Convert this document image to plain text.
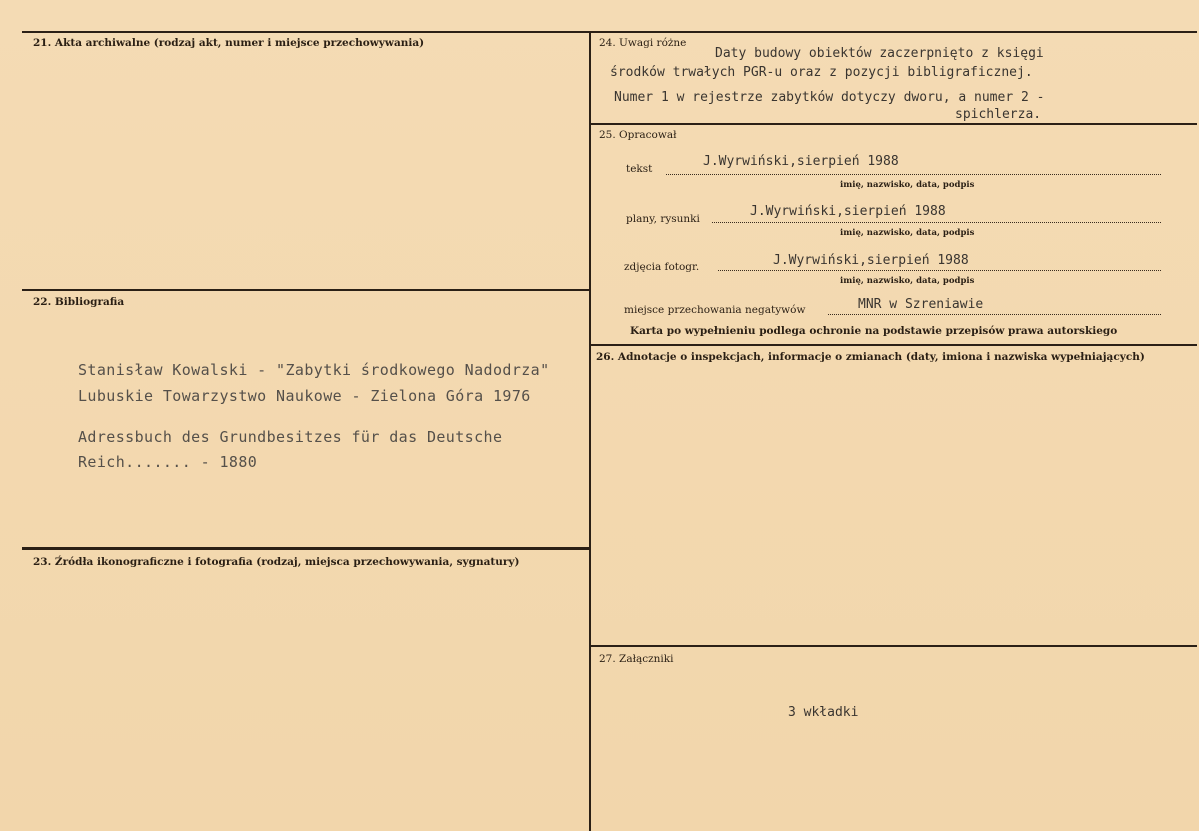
21. Akta archiwalne (rodzaj akt, numer i miejsce przechowywania)
22. Bibliografia
Stanisław Kowalski - "Zabytki środkowego Nadodrza"
Lubuskie Towarzystwo Naukowe - Zielona Góra 1976
Adressbuch des Grundbesitzes für das Deutsche
Reich....... - 1880
23. Źródła ikonograficzne i fotografia (rodzaj, miejsca przechowywania, sygnatury)
24. Uwagi różne
Daty budowy obiektów zaczerpnięto z księgi
środków trwałych PGR-u oraz z pozycji bibligraficznej.
Numer 1 w rejestrze zabytków dotyczy dworu, a numer 2 -
spichlerza.
25. Opracował
tekst	J.Wyrwiński,sierpień 1988
imię, nazwisko, data, podpis
plany, rysunki	J.Wyrwiński,sierpień 1988
imię, nazwisko, data, podpis
zdjęcia fotogr.	J.Wyrwiński,sierpień 1988
imię, nazwisko, data, podpis
miejsce przechowania negatywów	MNR w Szreniawie
Karta po wypełnieniu podlega ochronie na podstawie przepisów prawa autorskiego
26. Adnotacje o inspekcjach, informacje o zmianach (daty, imiona i nazwiska wypełniających)
27. Załączniki
3 wkładki
